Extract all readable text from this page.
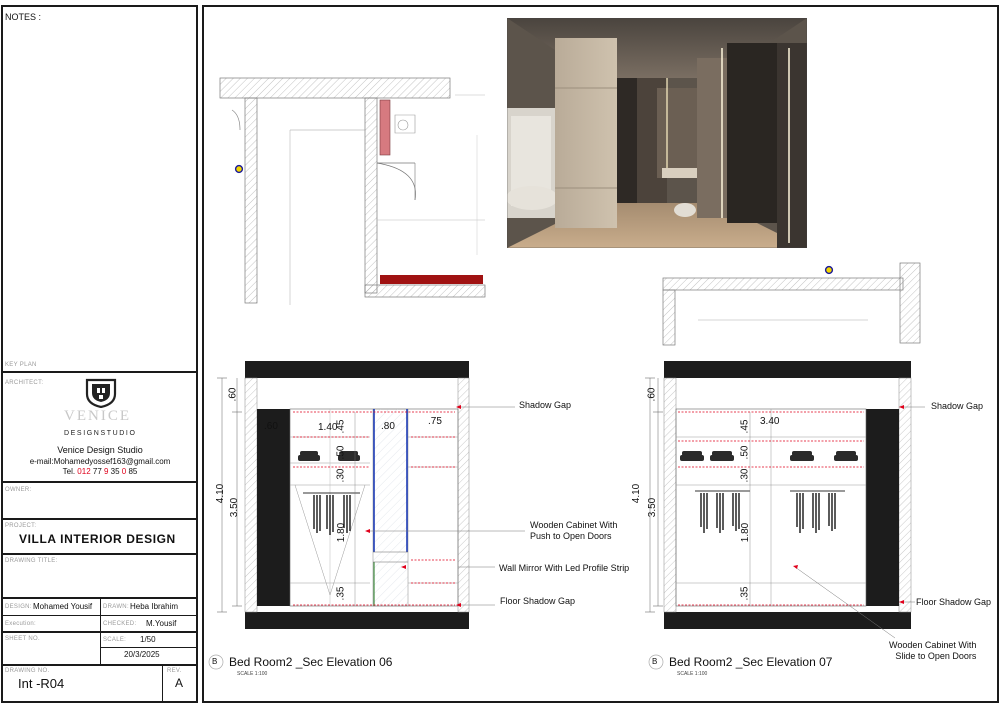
NOTES :
KEY PLAN
ARCHITECT:
VENICE
DESIGNSTUDIO
Venice Design Studio
e-mail:Mohamedyossef163@gmail.com
Tel. 012 77 9 35 0 85
OWNER:
PROJECT:
VILLA INTERIOR DESIGN
DRAWING TITLE:
DESIGN: Mohamed Yousif DRAWN: Heba Ibrahim
Execution:	CHECKED: M.Yousif
SHEET NO.	SCALE: 1/50
20/3/2025
DRAWING NO.	REV.
Int -R04	A
4.10
3.50
.60
.60	1.40
.45
.50
.30
1.80
.35
.80	.75
Shadow Gap
Wooden Cabinet With
Push to Open Doors
Wall Mirror With Led Profile Strip
Floor Shadow Gap
B Bed Room2 _Sec Elevation 06
SCALE 1:100
4.10
3.50
.60
3.40
.45
.50
.30
1.80
.35
Shadow Gap
Floor Shadow Gap
Wooden Cabinet With
Slide to Open Doors
B Bed Room2 _Sec Elevation 07
SCALE 1:100
